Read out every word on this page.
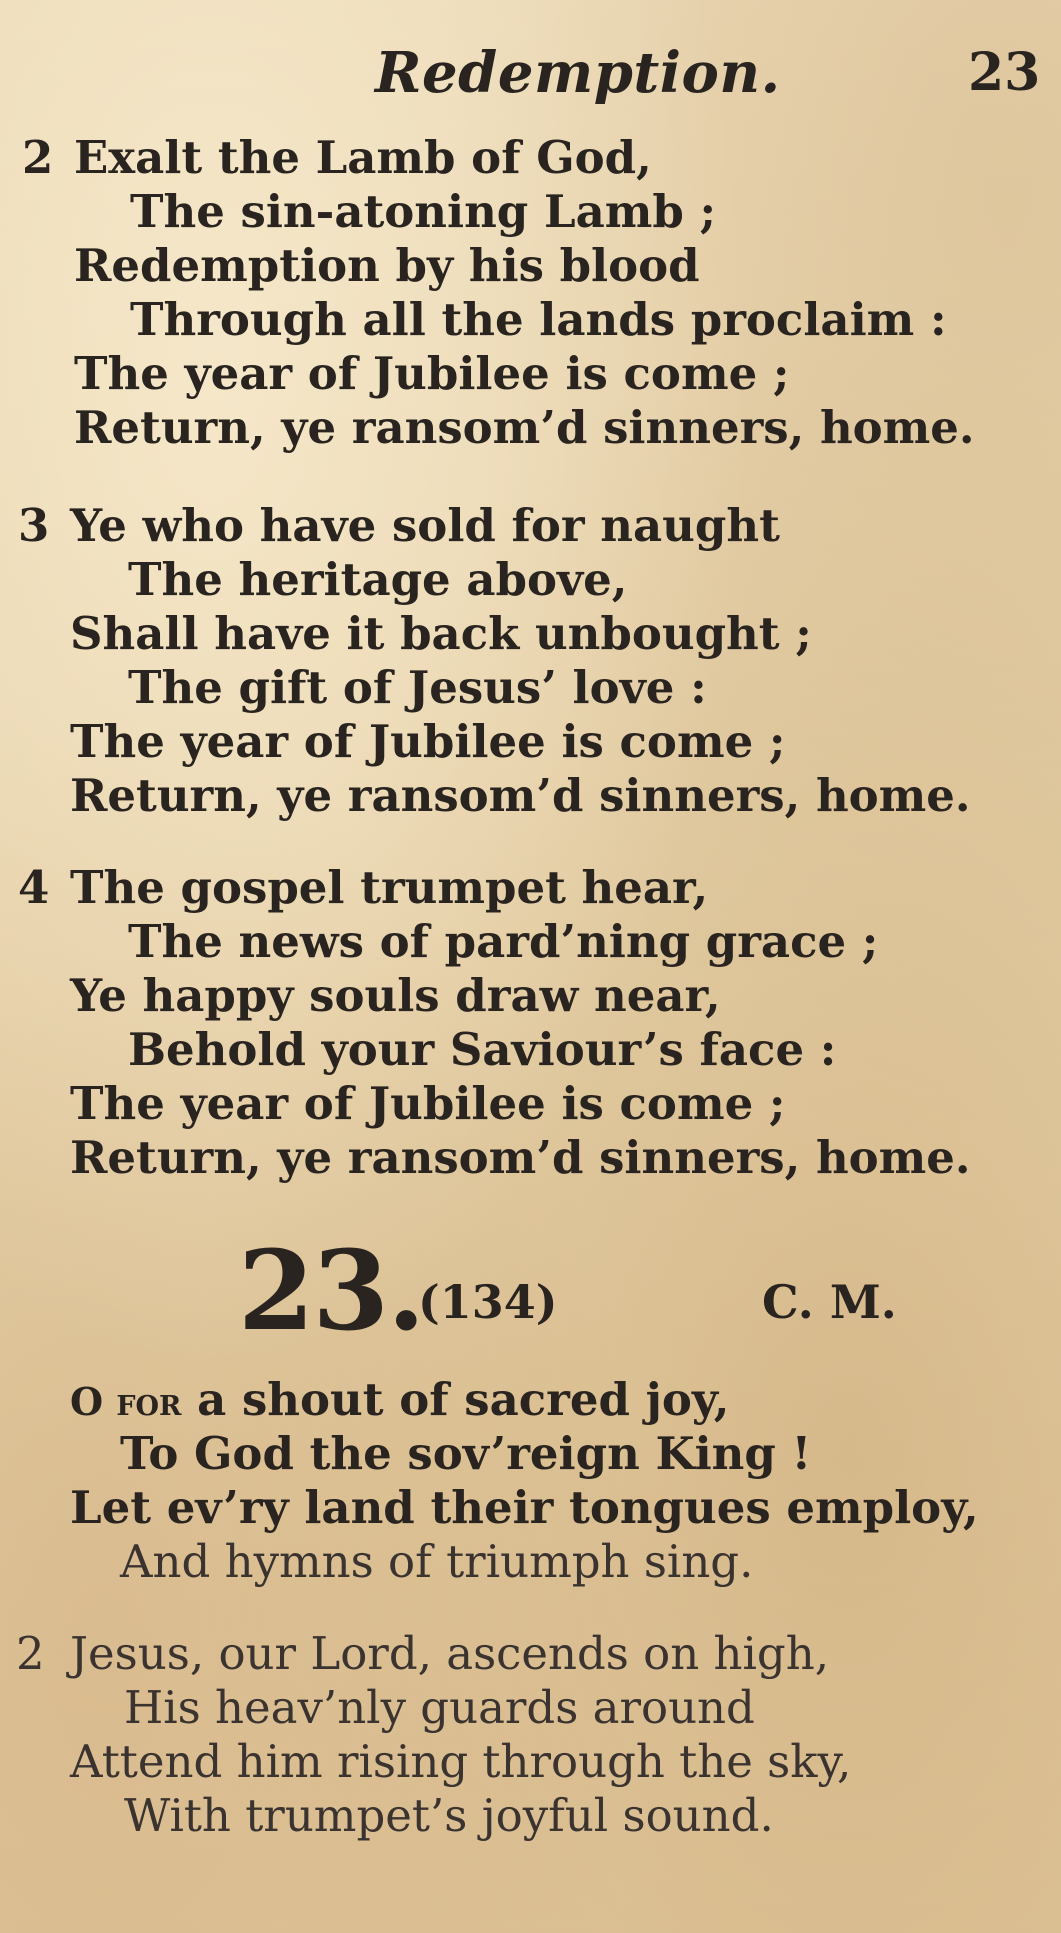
Redemption.	23
2 Exalt the Lamb of God,
The sin-atoning Lamb ;
Redemption by his blood
Through all the lands proclaim :
The year of Jubilee is come ;
Return, ye ransom’d sinners, home.
3 Ye who have sold for naught
The heritage above,
Shall have it back unbought ;
The gift of Jesus’ love :
The year of Jubilee is come ;
Return, ye ransom’d sinners, home.
4 The gospel trumpet hear,
The news of pard’ning grace ;
Ye happy souls draw near,
Behold your Saviour’s face :
The year of Jubilee is come ;
Return, ye ransom’d sinners, home.
23.
(134)	C. M.
O for a shout of sacred joy,
To God the sov’reign King !
Let ev’ry land their tongues employ,
And hymns of triumph sing.
2 Jesus, our Lord, ascends on high,
His heav’nly guards around
Attend him rising through the sky,
With trumpet’s joyful sound.
